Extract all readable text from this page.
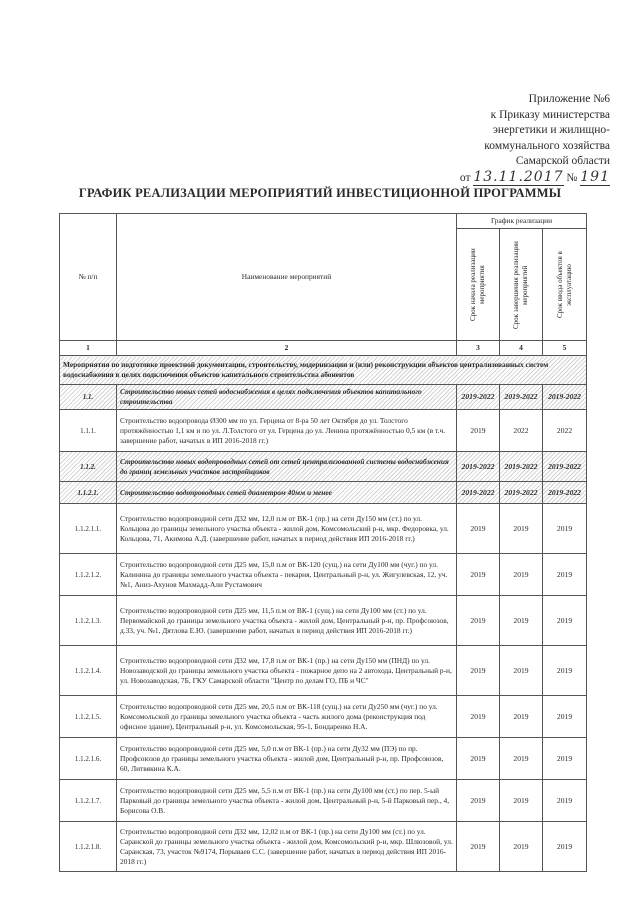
Приложение №6
к Приказу министерства
энергетики и жилищно-
коммунального хозяйства
Самарской области
от 13.11.2017 № 191
ГРАФИК РЕАЛИЗАЦИИ МЕРОПРИЯТИЙ ИНВЕСТИЦИОННОЙ ПРОГРАММЫ
№ п/п	Наименование мероприятий	График реализации		

		Срок начала реализации мероприятия	Срок завершения реализации мероприятий	Срок ввода объектов в эксплуатацию

1	2	3	4	5
Мероприятия по подготовке проектной документации, строительству, модернизации и (или) реконструкции объектов централизованных систем водоснабжения в целях подключения объектов капитального строительства абонентов				
1.1.	Строительство новых сетей водоснабжения в целях подключения объектов капитального строительства	2019-2022	2019-2022	2019-2022
1.1.1.	Строительство водопровода Ø300 мм по ул. Герцена от 8-ра 50 лет Октября до ул. Толстого протяжённостью 1,1 км и по ул. Л.Толстого от ул. Герцена до ул. Ленина протяжённостью 0,5 км (в т.ч. завершение работ, начатых в ИП 2016-2018 гг.)	2019	2022	2022
1.1.2.	Строительство новых водопроводных сетей от сетей централизованной системы водоснабжения до границ земельных участков застройщиков	2019-2022	2019-2022	2019-2022
1.1.2.1.	Строительство водопроводных сетей диаметром 40мм и менее	2019-2022	2019-2022	2019-2022
1.1.2.1.1.	Строительство водопроводной сети Д32 мм, 12,0 п.м от ВК-1 (пр.) на сети Ду150 мм (ст.) по ул. Кольцова до границы земельного участка объекта - жилой дом, Комсомольский р-н, мкр. Федоровка, ул. Кольцова, 71, Акимова А.Д. (завершение работ, начатых в период действия ИП 2016-2018 гг.)	2019	2019	2019
1.1.2.1.2.	Строительство водопроводной сети Д25 мм, 15,0 п.м от ВК-120 (сущ.) на сети Ду100 мм (чуг.) по ул. Калинина до границы земельного участка объекта - пекарня, Центральный р-н, ул. Жигулевская, 12, уч.№1, Аниз-Ахунов Махмадд-Али Рустамович	2019	2019	2019
1.1.2.1.3.	Строительство водопроводной сети Д25 мм, 11,5 п.м от ВК-1 (сущ.) на сети Ду100 мм (ст.) по ул. Первомайской до границы земельного участка объекта - жилой дом, Центральный р-н, пр. Профсоюзов, д.33, уч. №1, Дятлова Е.Ю. (завершение работ, начатых в период действия ИП 2016-2018 гг.)	2019	2019	2019
1.1.2.1.4.	Строительство водопроводной сети Д32 мм, 17,8 п.м от ВК-1 (пр.) на сети Ду150 мм (ПНД) по ул. Новозаводской до границы земельного участка объекта - пожарное депо на 2 автохода, Центральный р-н, ул. Новозаводская, 7Б, ГКУ Самарской области "Центр по делам ГО, ПБ и ЧС"	2019	2019	2019
1.1.2.1.5.	Строительство водопроводной сети Д25 мм, 20,5 п.м от ВК-118 (сущ.) на сети Ду250 мм (чуг.) по ул. Комсомольской до границы земельного участка объекта - часть жилого дома (реконструкция под офисное здание), Центральный р-н, ул. Комсомольская, 95-1, Бондаренко Н.А.	2019	2019	2019
1.1.2.1.6.	Строительство водопроводной сети Д25 мм, 5,0 п.м от ВК-1 (пр.) на сети Ду32 мм (ПЭ) по пр. Профсоюзов до границы земельного участка объекта - жилой дом, Центральный р-н, пр. Профсоюзов, 60, Литвякина К.А.	2019	2019	2019
1.1.2.1.7.	Строительство водопроводной сети Д25 мм, 5,5 п.м от ВК-1 (пр.) на сети Ду100 мм (ст.) по пер. 5-ый Парковый до границы земельного участка объекта - жилой дом, Центральный р-н, 5-й Парковый пер., 4, Борисова О.В.	2019	2019	2019
1.1.2.1.8.	Строительство водопроводной сети Д32 мм, 12,02 п.м от ВК-1 (пр.) на сети Ду100 мм (ст.) по ул. Саранской до границы земельного участка объекта - жилой дом, Комсомольский р-н, мкр. Шлюзовой, ул. Саранская, 73, участок №9174, Порываев С.С. (завершение работ, начатых в период действия ИП 2016-2018 гг.)	2019	2019	2019
